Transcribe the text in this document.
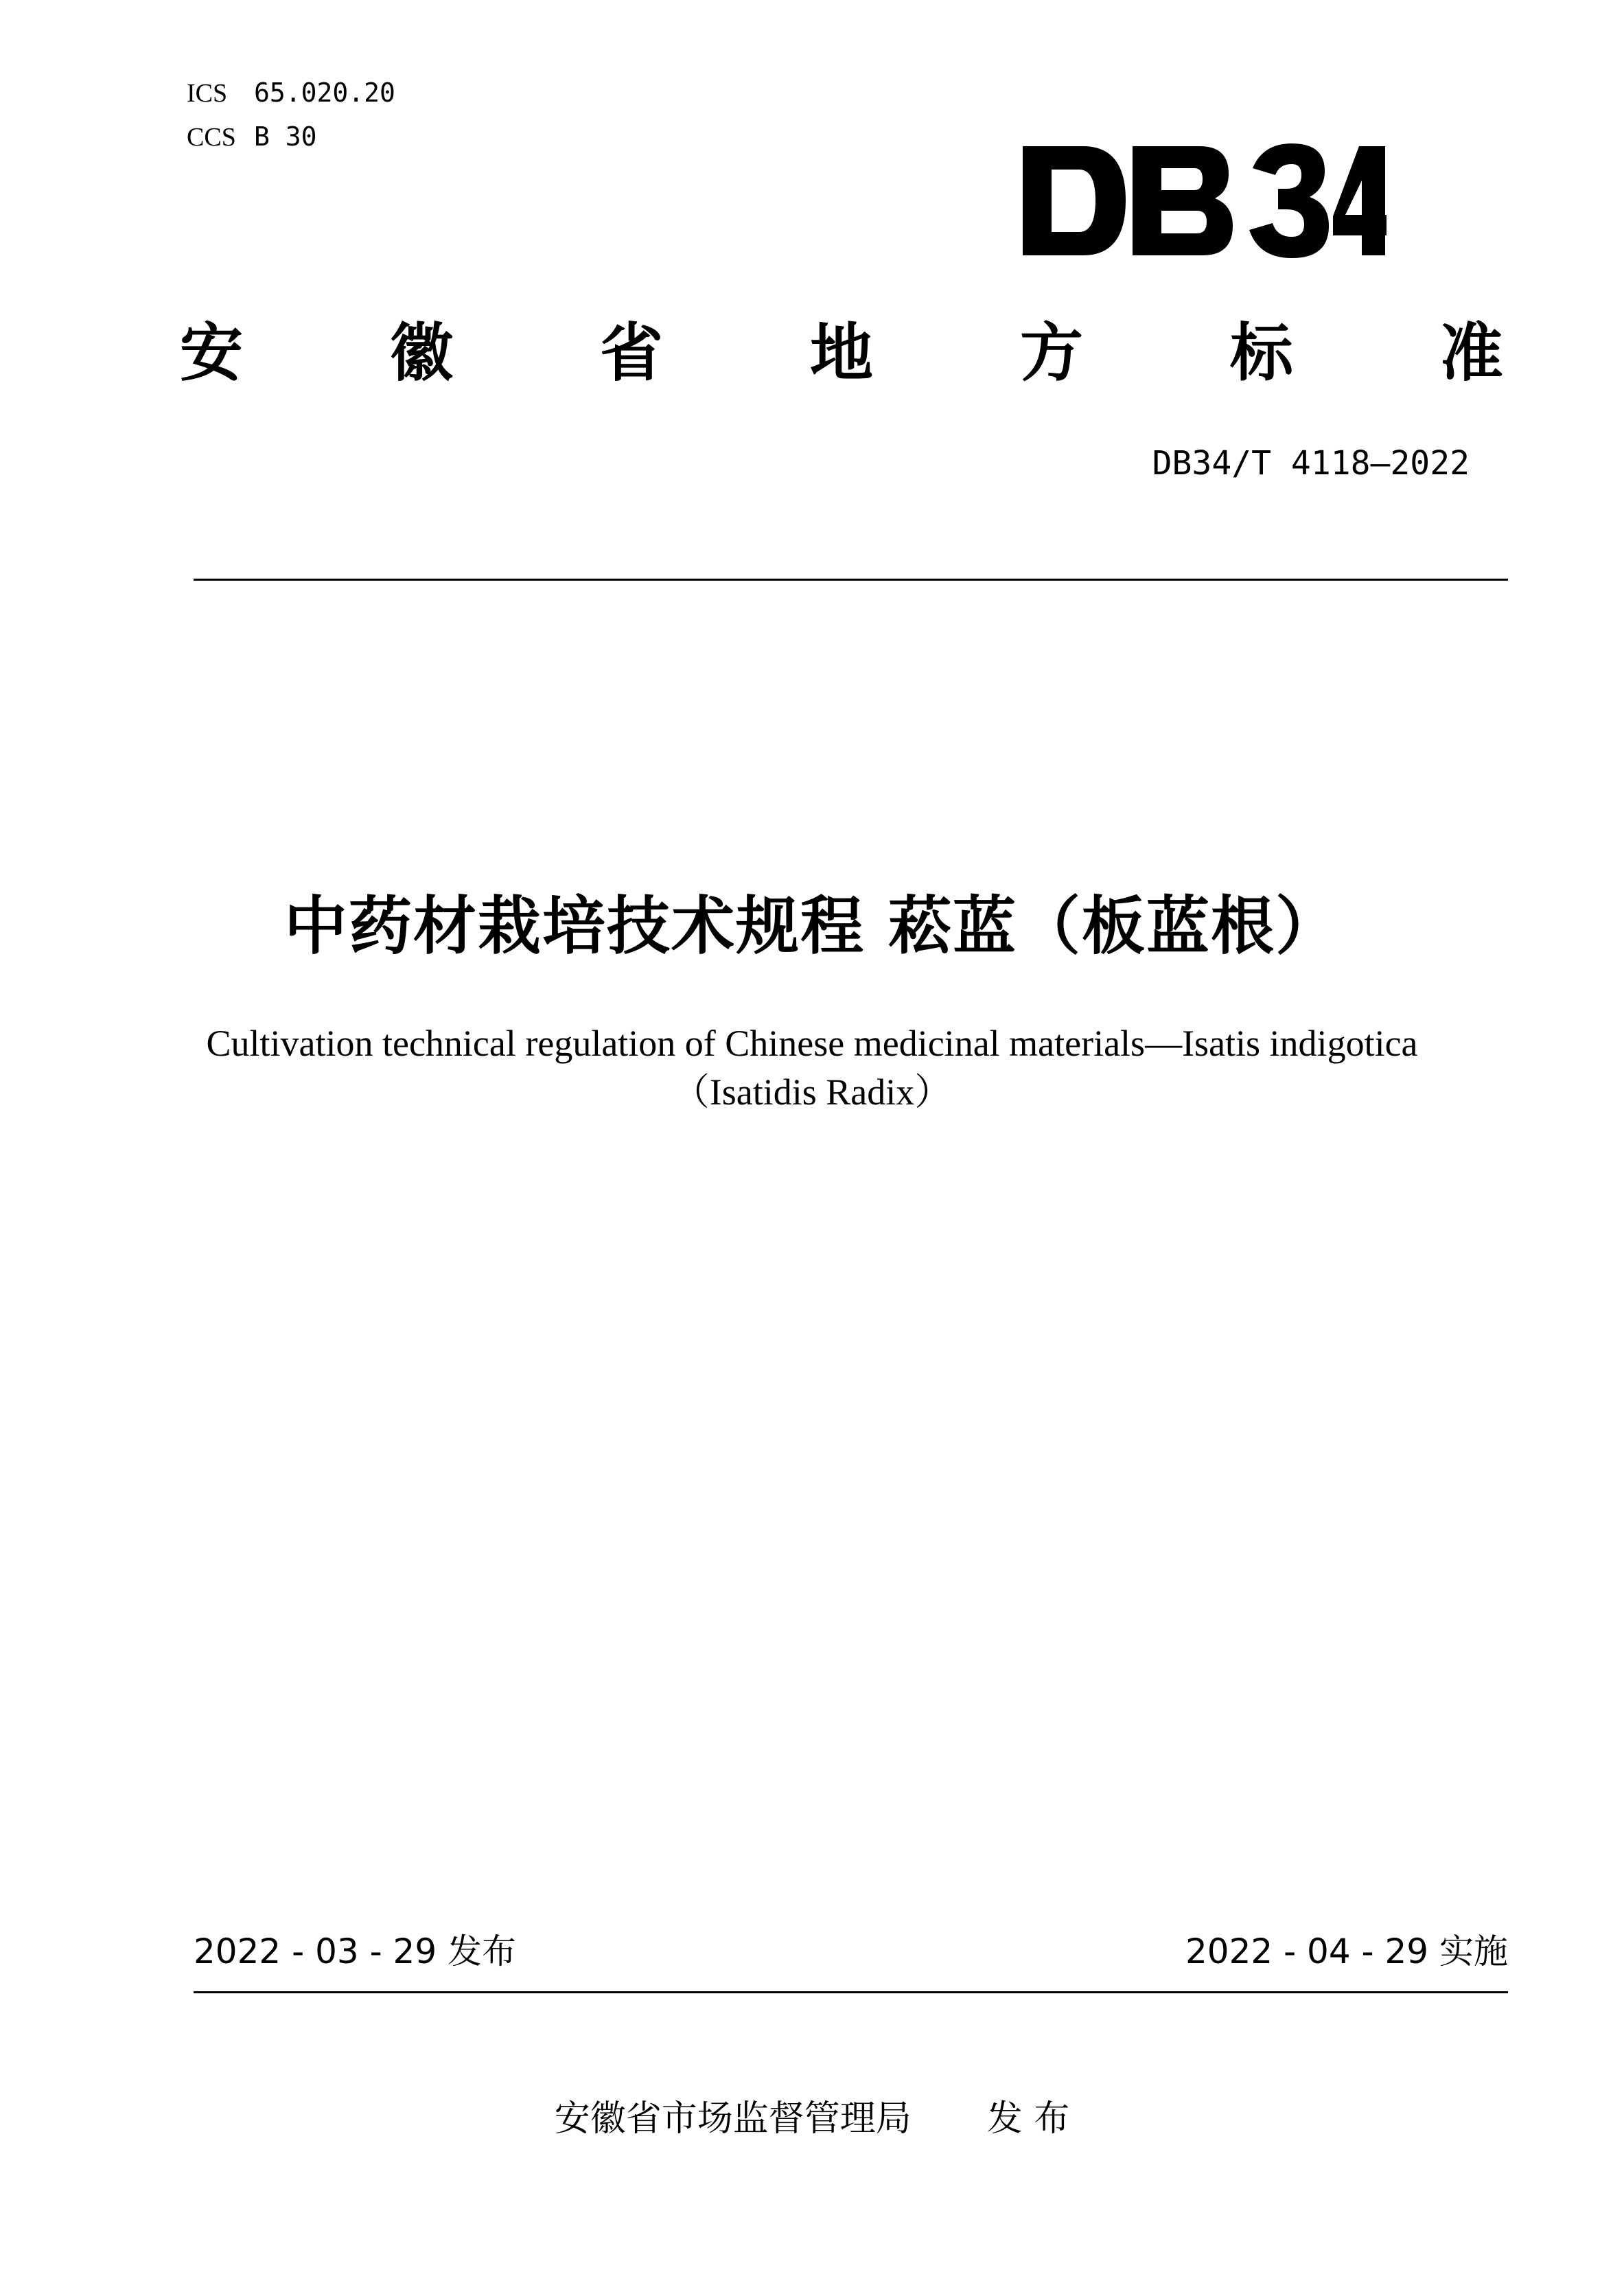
ICS 65.020.20
CCS B 30
安 徽 省 地 方 标 准
DB34/T 4118—2022
中药材栽培技术规程 菘蓝（板蓝根）
Cultivation technical regulation of Chinese medicinal materials—Isatis indigotica
（Isatidis Radix）
2022 - 03 - 29 发布	2022 - 04 - 29 实施
安徽省市场监督管理局 发 布
